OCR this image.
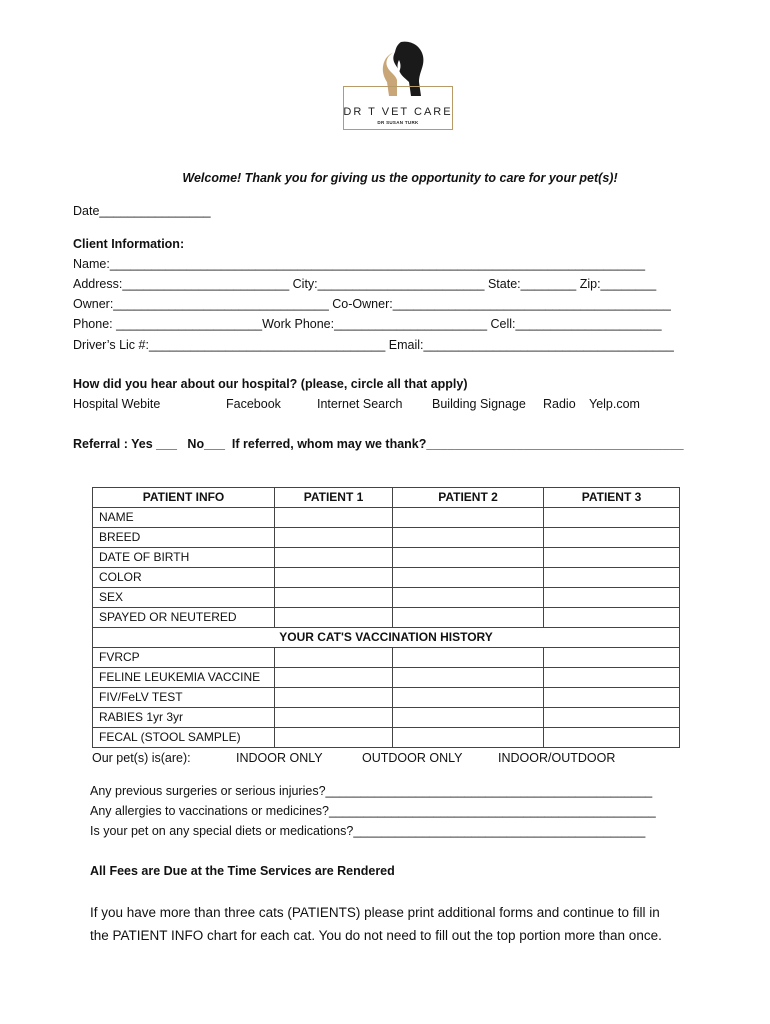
DR T VET CARE
DR SUSAN TURK
Welcome! Thank you for giving us the opportunity to care for your pet(s)!
Date________________
Client Information:
Name:_____________________________________________________________________________
Address:________________________ City:________________________ State:________ Zip:________
Owner:_______________________________ Co-Owner:________________________________________
Phone: _____________________Work Phone:______________________ Cell:_____________________
Driver’s Lic #:__________________________________ Email:____________________________________
How did you hear about our hospital? (please, circle all that apply)
Hospital Webite	Facebook	Internet Search Building Signage Radio Yelp.com
Referral : Yes ___   No___  If referred, whom may we thank?_____________________________________
PATIENT INFO	PATIENT 1	PATIENT 2	PATIENT 3
NAME			
BREED			
DATE OF BIRTH			
COLOR			
SEX			
SPAYED OR NEUTERED			
YOUR CAT'S VACCINATION HISTORY			
FVRCP			
FELINE LEUKEMIA VACCINE			
FIV/FeLV TEST			
RABIES 1yr 3yr			
FECAL (STOOL SAMPLE)			
Our pet(s) is(are):	INDOOR ONLY	OUTDOOR ONLY	INDOOR/OUTDOOR
Any previous surgeries or serious injuries?_______________________________________________
Any allergies to vaccinations or medicines?_______________________________________________
Is your pet on any special diets or medications?__________________________________________
All Fees are Due at the Time Services are Rendered
If you have more than three cats (PATIENTS) please print additional forms and continue to fill in
the PATIENT INFO chart for each cat. You do not need to fill out the top portion more than once.
